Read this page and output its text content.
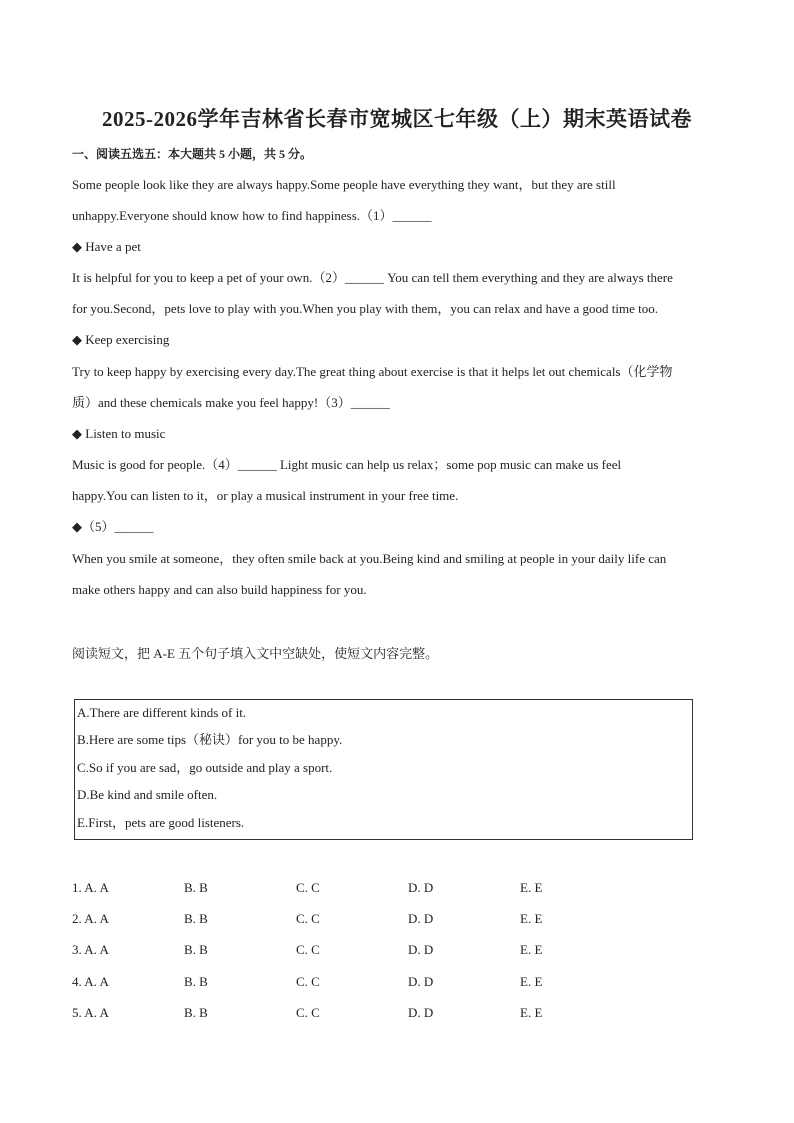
2025-2026学年吉林省长春市宽城区七年级（上）期末英语试卷
一、阅读五选五：本大题共 5 小题，共 5 分。
Some people look like they are always happy.Some people have everything they want，but they are still
unhappy.Everyone should know how to find happiness.（1）______
◆ Have a pet
It is helpful for you to keep a pet of your own.（2）______ You can tell them everything and they are always there
for you.Second，pets love to play with you.When you play with them，you can relax and have a good time too.
◆ Keep exercising
Try to keep happy by exercising every day.The great thing about exercise is that it helps let out chemicals（化学物
质）and these chemicals make you feel happy!（3）______
◆ Listen to music
Music is good for people.（4）______ Light music can help us relax；some pop music can make us feel
happy.You can listen to it，or play a musical instrument in your free time.
◆（5）______
When you smile at someone，they often smile back at you.Being kind and smiling at people in your daily life can
make others happy and can also build happiness for you.
阅读短文，把 A-E 五个句子填入文中空缺处，使短文内容完整。
A.There are different kinds of it.
B.Here are some tips（秘诀）for you to be happy.
C.So if you are sad，go outside and play a sport.
D.Be kind and smile often.
E.First，pets are good listeners.
1. A. A	B. B	C. C	D. D	E. E
2. A. A	B. B	C. C	D. D	E. E
3. A. A	B. B	C. C	D. D	E. E
4. A. A	B. B	C. C	D. D	E. E
5. A. A	B. B	C. C	D. D	E. E
